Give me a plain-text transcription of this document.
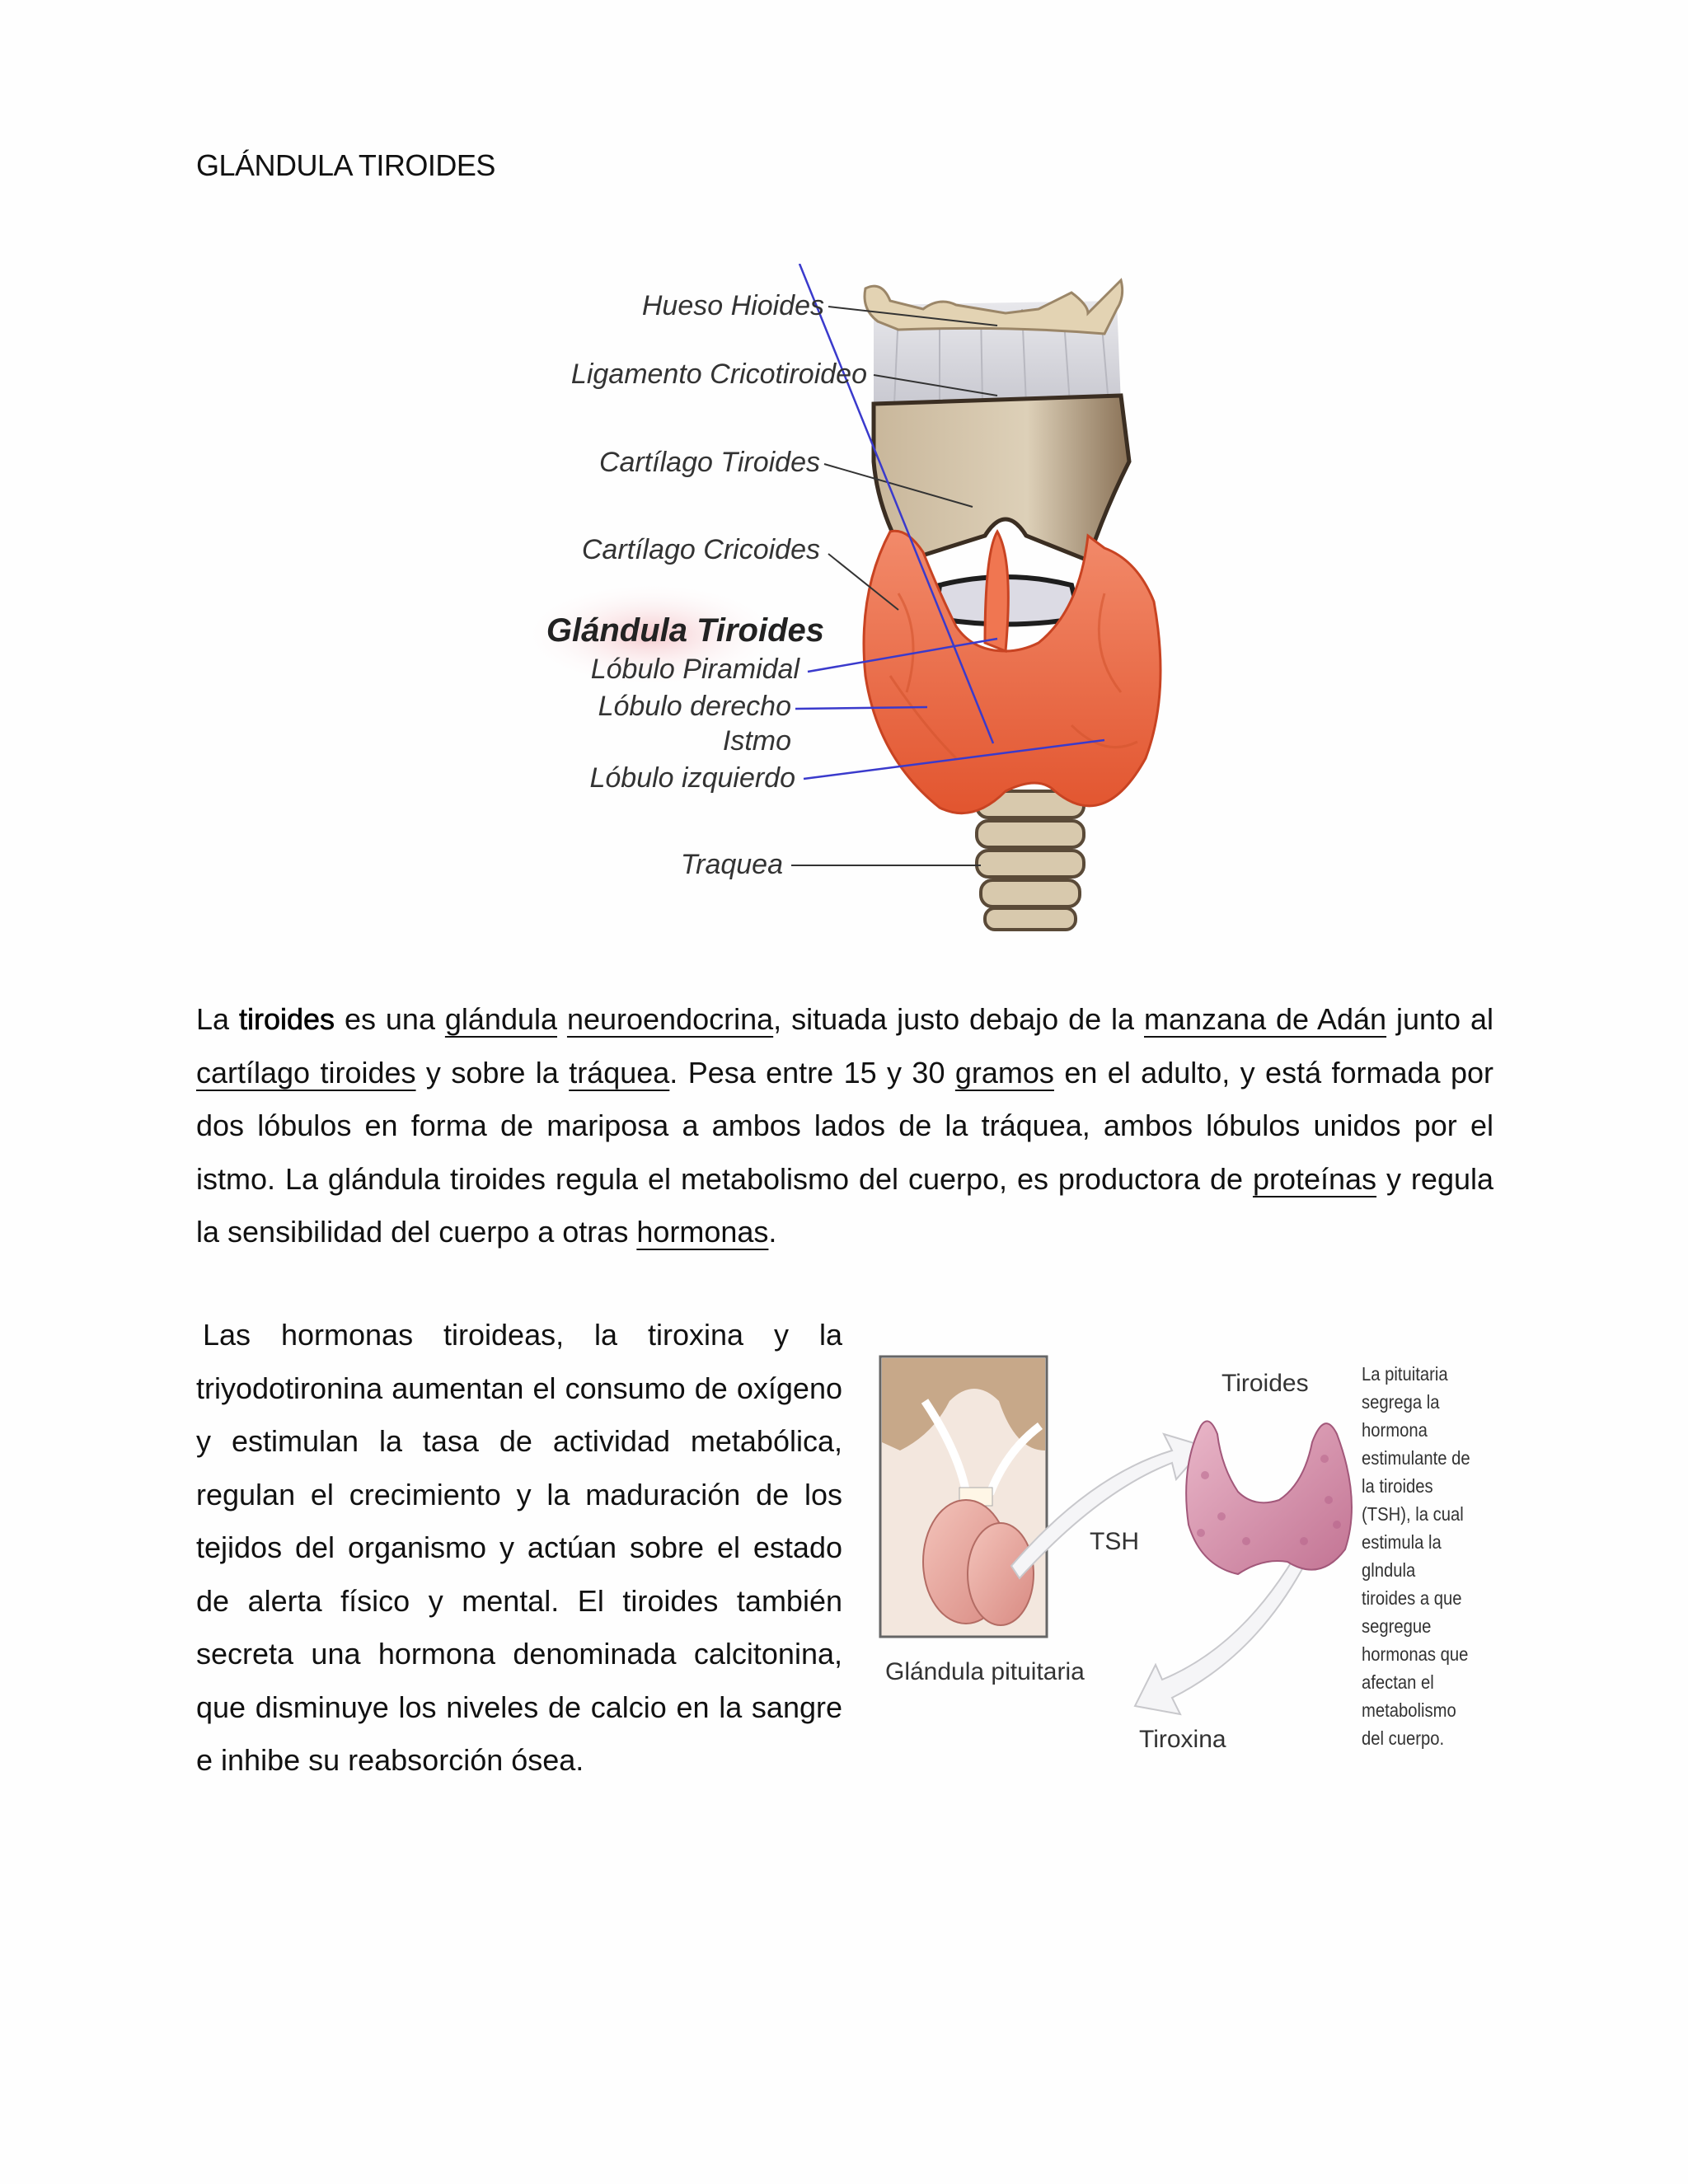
GLÁNDULA TIROIDES
Hueso Hioides
Ligamento Cricotiroideo
Cartílago Tiroides
Cartílago Cricoides
Glándula Tiroides
Lóbulo Piramidal
Lóbulo derecho
Istmo
Lóbulo izquierdo
Traquea

La tiroides es una glándula neuroendocrina, situada justo debajo de la manzana de Adán junto al cartílago tiroides y sobre la tráquea. Pesa entre 15 y 30 gramos en el adulto, y está formada por dos lóbulos en forma de mariposa a ambos lados de la tráquea, ambos lóbulos unidos por el istmo. La glándula tiroides regula el metabolismo del cuerpo, es productora de proteínas y regula la sensibilidad del cuerpo a otras hormonas.

Las hormonas tiroideas, la tiroxina y la triyodotironina aumentan el consumo de oxígeno y estimulan la tasa de actividad metabólica, regulan el crecimiento y la maduración de los tejidos del organismo y actúan sobre el estado de alerta físico y mental. El tiroides también secreta una hormona denominada calcitonina, que disminuye los niveles de calcio en la sangre e inhibe su reabsorción ósea.

Tiroides
TSH
Glándula pituitaria
Tiroxina
La pituitaria
segrega la
hormona
estimulante de
la tiroides
(TSH), la cual
estimula la
glndula
tiroides a que
segregue
hormonas que
afectan el
metabolismo
del cuerpo.
